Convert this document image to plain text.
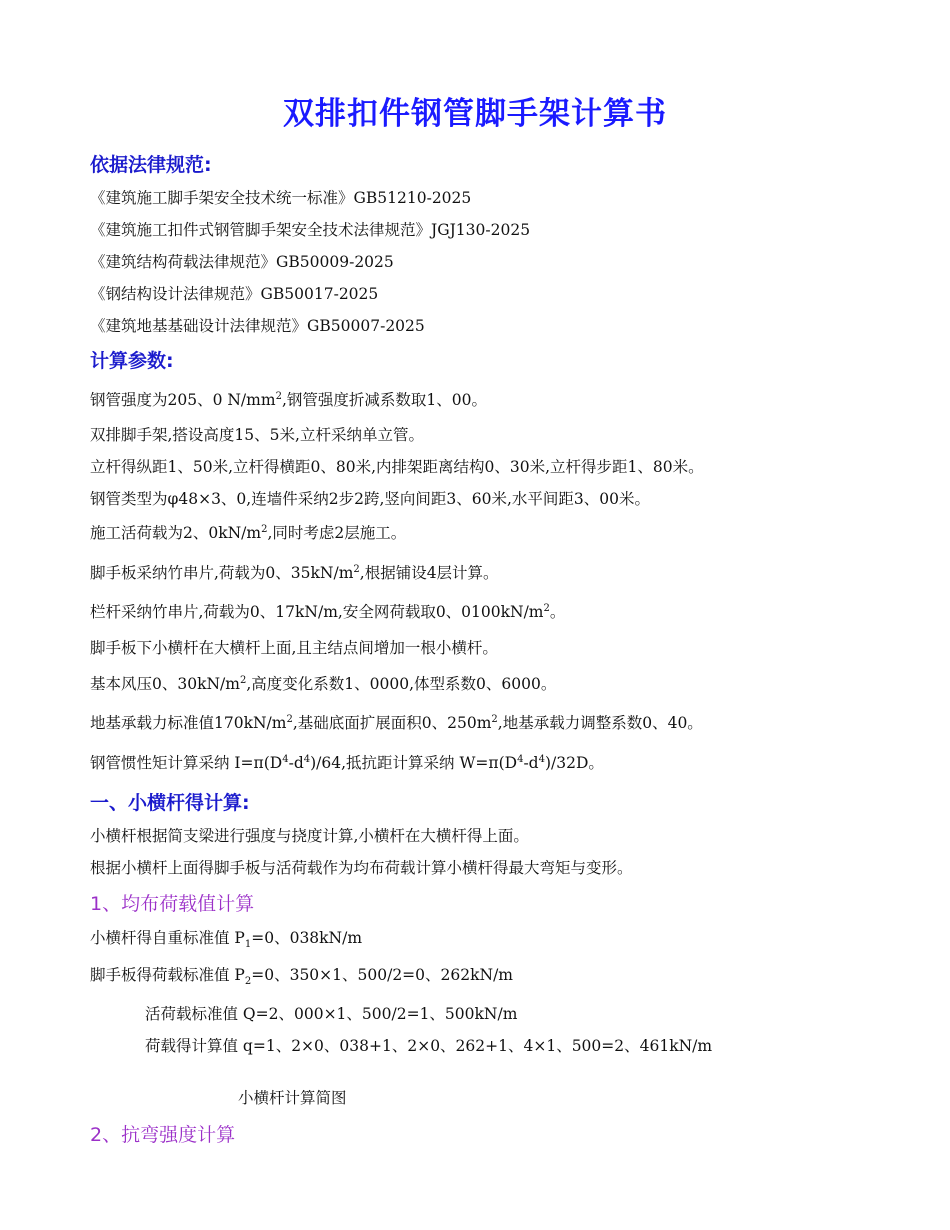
双排扣件钢管脚手架计算书
依据法律规范:
《建筑施工脚手架安全技术统一标准》GB51210-2025
《建筑施工扣件式钢管脚手架安全技术法律规范》JGJ130-2025
《建筑结构荷载法律规范》GB50009-2025
《钢结构设计法律规范》GB50017-2025
《建筑地基基础设计法律规范》GB50007-2025
计算参数:
钢管强度为205、0 $N/mm^2$,钢管强度折减系数取1、00。
双排脚手架,搭设高度15、5米,立杆采纳单立管。
立杆得纵距1、50米,立杆得横距0、80米,内排架距离结构0、30米,立杆得步距1、80米。
钢管类型为φ48×3、0,连墙件采纳2步2跨,竖向间距3、60米,水平间距3、00米。
施工活荷载为2、$0kN/m^2$,同时考虑2层施工。
脚手板采纳竹串片,荷载为0、$35kN/m^2$,根据铺设4层计算。
栏杆采纳竹串片,荷载为0、17kN/m,安全网荷载取0、$0100kN/m^2$。
脚手板下小横杆在大横杆上面,且主结点间增加一根小横杆。
基本风压0、$30kN/m^2$,高度变化系数1、0000,体型系数0、6000。
地基承载力标准值$170kN/m^2$,基础底面扩展面积0、$250m^2$,地基承载力调整系数0、40。
钢管惯性矩计算采纳 $I=\pi(D^4-d^4)/64$,抵抗距计算采纳 $W=\pi(D^4-d^4)/32D$。
一、小横杆得计算:
小横杆根据简支梁进行强度与挠度计算,小横杆在大横杆得上面。
根据小横杆上面得脚手板与活荷载作为均布荷载计算小横杆得最大弯矩与变形。
1、均布荷载值计算
小横杆得自重标准值 $P_1=0$、038kN/m
脚手板得荷载标准值 $P_2=0$、350×1、500/2=0、262kN/m
活荷载标准值 Q=2、000×1、500/2=1、500kN/m
荷载得计算值 q=1、2×0、038+1、2×0、262+1、4×1、500=2、461kN/m
小横杆计算简图
2、抗弯强度计算
